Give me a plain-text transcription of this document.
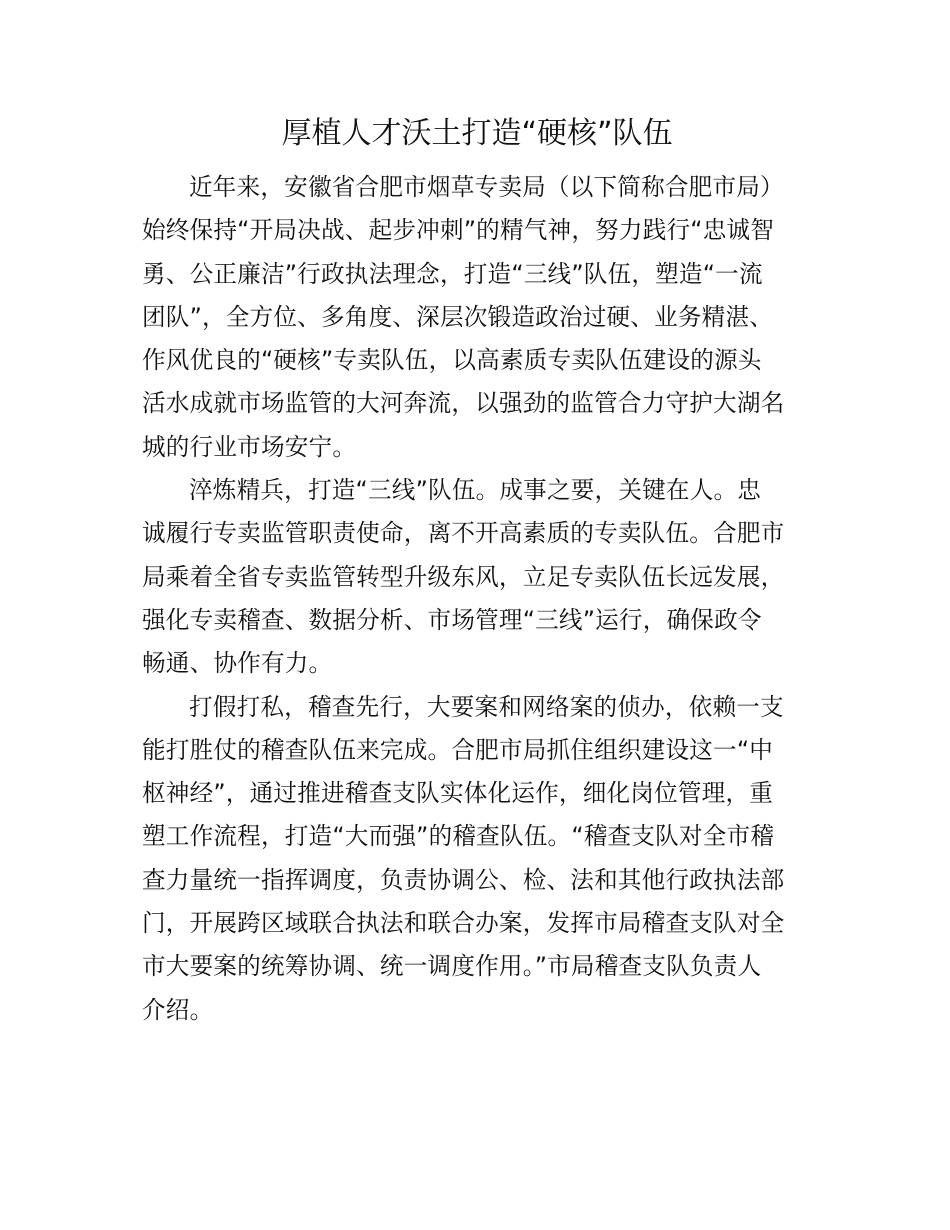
厚植人才沃土打造“硬核”队伍
近年来，安徽省合肥市烟草专卖局（以下简称合肥市局）
始终保持“开局决战、起步冲刺”的精气神，努力践行“忠诚智
勇、公正廉洁”行政执法理念，打造“三线”队伍，塑造“一流
团队”，全方位、多角度、深层次锻造政治过硬、业务精湛、
作风优良的“硬核”专卖队伍，以高素质专卖队伍建设的源头
活水成就市场监管的大河奔流，以强劲的监管合力守护大湖名
城的行业市场安宁。
淬炼精兵，打造“三线”队伍。成事之要，关键在人。忠
诚履行专卖监管职责使命，离不开高素质的专卖队伍。合肥市
局乘着全省专卖监管转型升级东风，立足专卖队伍长远发展，
强化专卖稽查、数据分析、市场管理“三线”运行，确保政令
畅通、协作有力。
打假打私，稽查先行，大要案和网络案的侦办，依赖一支
能打胜仗的稽查队伍来完成。合肥市局抓住组织建设这一“中
枢神经”，通过推进稽查支队实体化运作，细化岗位管理，重
塑工作流程，打造“大而强”的稽查队伍。“稽查支队对全市稽
查力量统一指挥调度，负责协调公、检、法和其他行政执法部
门，开展跨区域联合执法和联合办案，发挥市局稽查支队对全
市大要案的统筹协调、统一调度作用。”市局稽查支队负责人
介绍。
